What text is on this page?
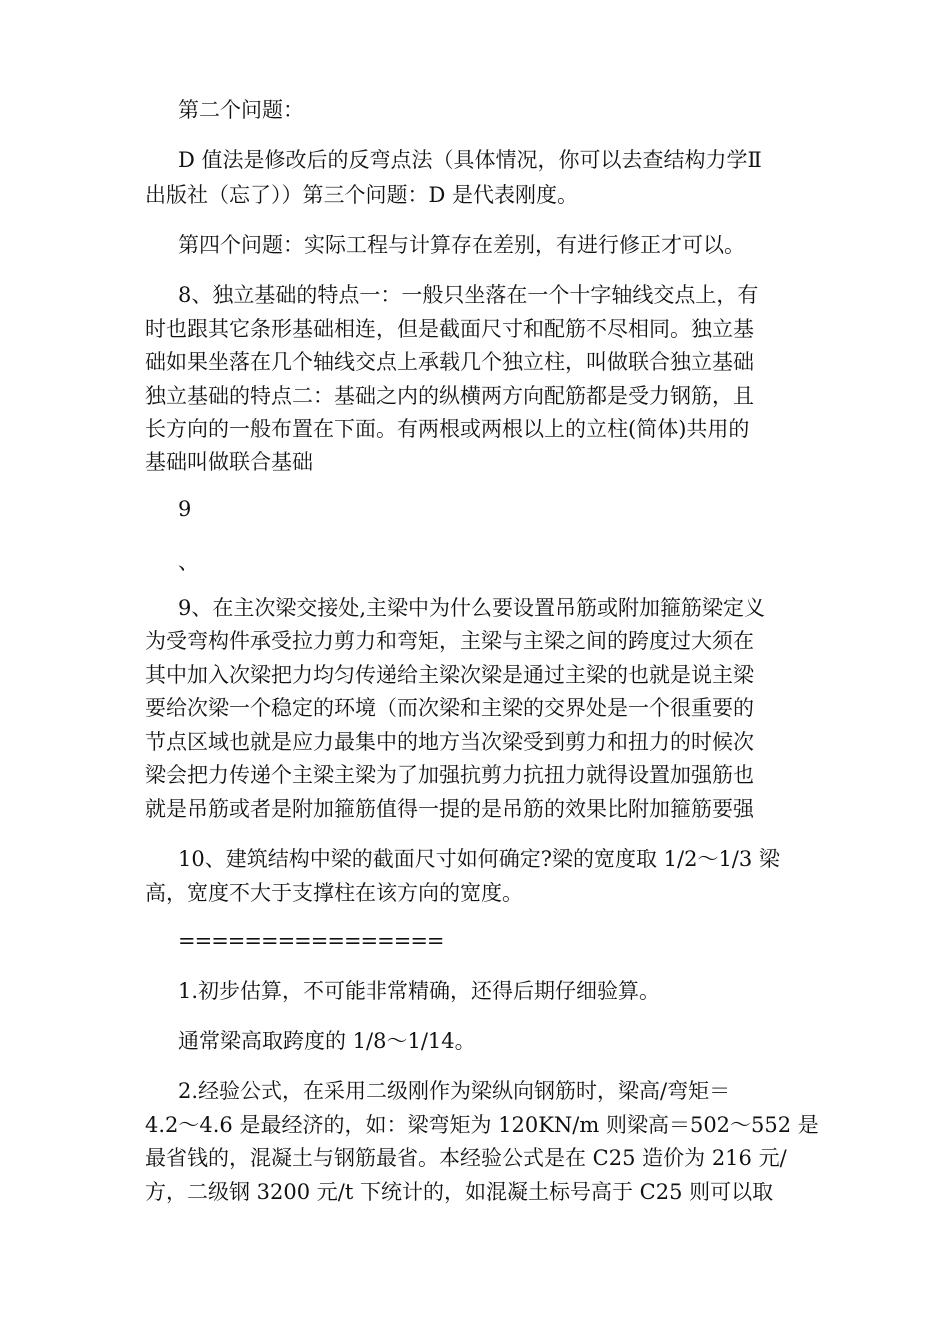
第二个问题：
D 值法是修改后的反弯点法（具体情况，你可以去查结构力学Ⅱ
出版社（忘了））第三个问题：D 是代表刚度。
第四个问题：实际工程与计算存在差别，有进行修正才可以。
8、独立基础的特点一：一般只坐落在一个十字轴线交点上，有
时也跟其它条形基础相连，但是截面尺寸和配筋不尽相同。独立基
础如果坐落在几个轴线交点上承载几个独立柱，叫做联合独立基础
独立基础的特点二：基础之内的纵横两方向配筋都是受力钢筋，且
长方向的一般布置在下面。有两根或两根以上的立柱(简体)共用的
基础叫做联合基础
9
、
9、在主次梁交接处,主梁中为什么要设置吊筋或附加箍筋梁定义
为受弯构件承受拉力剪力和弯矩，主梁与主梁之间的跨度过大须在
其中加入次梁把力均匀传递给主梁次梁是通过主梁的也就是说主梁
要给次梁一个稳定的环境（而次梁和主梁的交界处是一个很重要的
节点区域也就是应力最集中的地方当次梁受到剪力和扭力的时候次
梁会把力传递个主梁主梁为了加强抗剪力抗扭力就得设置加强筋也
就是吊筋或者是附加箍筋值得一提的是吊筋的效果比附加箍筋要强
10、建筑结构中梁的截面尺寸如何确定?梁的宽度取 1/2～1/3 梁
高，宽度不大于支撑柱在该方向的宽度。
================
1.初步估算，不可能非常精确，还得后期仔细验算。
通常梁高取跨度的 1/8～1/14。
2.经验公式，在采用二级刚作为梁纵向钢筋时，梁高/弯矩＝
4.2～4.6 是最经济的，如：梁弯矩为 120KN/m 则梁高＝502～552 是
最省钱的，混凝土与钢筋最省。本经验公式是在 C25 造价为 216 元/
方，二级钢 3200 元/t 下统计的，如混凝土标号高于 C25 则可以取
